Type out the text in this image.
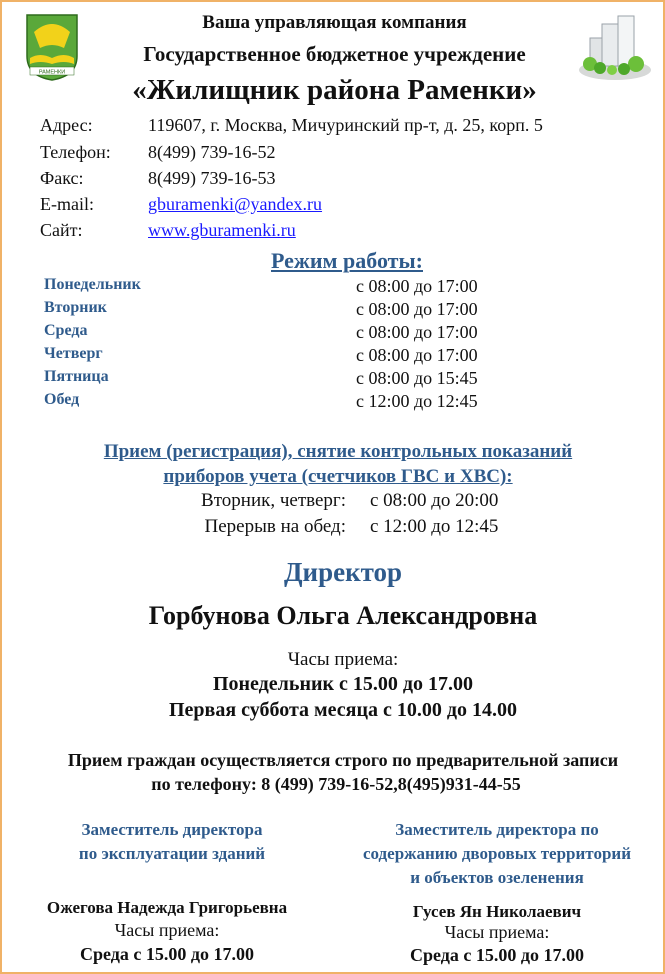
РАМЕНКИ
Ваша управляющая компания
Государственное бюджетное учреждение
«Жилищник района Раменки»
Адрес:	119607, г. Москва, Мичуринский пр-т, д. 25, корп. 5
Телефон: 8(499) 739-16-52
Факс:	8(499) 739-16-53
E-mail:	gburamenki@yandex.ru
Сайт:	www.gburamenki.ru
Режим работы:
Понедельник	с 08:00 до 17:00
Вторник	с 08:00 до 17:00
Среда	с 08:00 до 17:00
Четверг	с 08:00 до 17:00
Пятница	с 08:00 до 15:45
Обед	с 12:00 до 12:45
Прием (регистрация), снятие контрольных показаний
приборов учета (счетчиков ГВС и ХВС):
Вторник, четверг: с 08:00 до 20:00
Перерыв на обед: с 12:00 до 12:45
Директор
Горбунова Ольга Александровна
Часы приема:
Понедельник с 15.00 до 17.00
Первая суббота месяца с 10.00 до 14.00
Прием граждан осуществляется строго по предварительной записи
по телефону: 8 (499) 739-16-52,8(495)931-44-55
Заместитель директора
по эксплуатации зданий
Ожегова Надежда Григорьевна
Часы приема:
Среда с 15.00 до 17.00
Заместитель директора по
содержанию дворовых территорий
и объектов озеленения
Гусев Ян Николаевич
Часы приема:
Среда с 15.00 до 17.00
